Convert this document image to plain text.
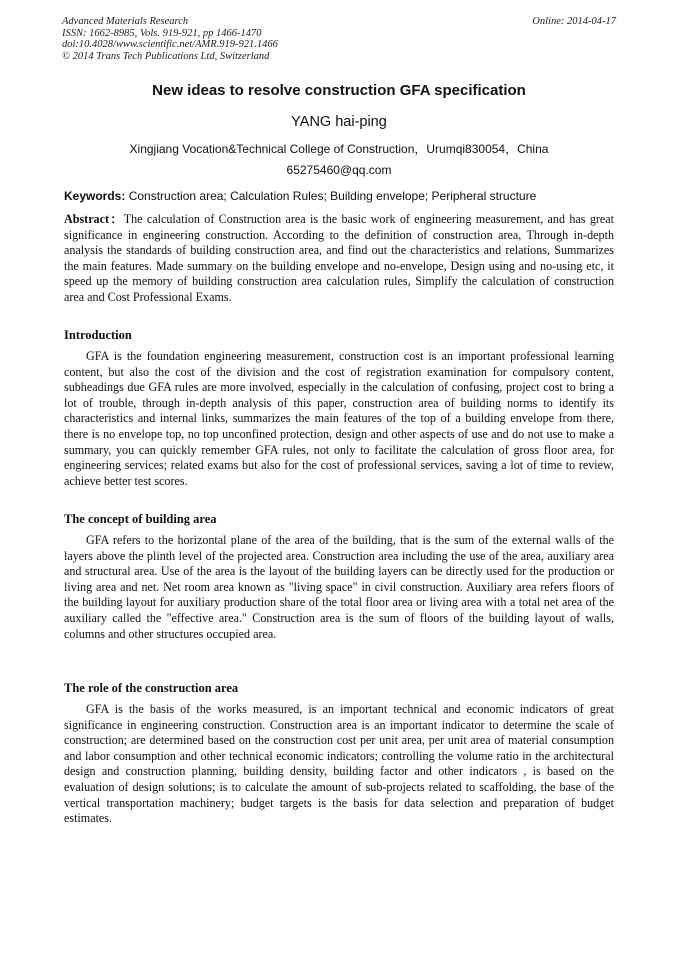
Advanced Materials Research
ISSN: 1662-8985, Vols. 919-921, pp 1466-1470
doi:10.4028/www.scientific.net/AMR.919-921.1466
© 2014 Trans Tech Publications Ltd, Switzerland
Online: 2014-04-17
New ideas to resolve construction GFA specification
YANG hai-ping
Xingjiang Vocation&Technical College of Construction，Urumqi830054，China
65275460@qq.com
Keywords: Construction area; Calculation Rules; Building envelope; Peripheral structure

Abstract：The calculation of Construction area is the basic work of engineering measurement, and has great significance in engineering construction. According to the definition of construction area, Through in-depth analysis the standards of building construction area, and find out the characteristics and relations, Summarizes the main features. Made summary on the building envelope and no-envelope, Design using and no-using etc, it speed up the memory of building construction area calculation rules, Simplify the calculation of construction area and Cost Professional Exams.

Introduction

GFA is the foundation engineering measurement, construction cost is an important professional learning content, but also the cost of the division and the cost of registration examination for compulsory content, subheadings due GFA rules are more involved, especially in the calculation of confusing, project cost to bring a lot of trouble, through in-depth analysis of this paper, construction area of building norms to identify its characteristics and internal links, summarizes the main features of the top of a building envelope from there, there is no envelope top, no top unconfined protection, design and other aspects of use and do not use to make a summary, you can quickly remember GFA rules, not only to facilitate the calculation of gross floor area, for engineering services; related exams but also for the cost of professional services, saving a lot of time to review, achieve better test scores.

The concept of building area

GFA refers to the horizontal plane of the area of the building, that is the sum of the external walls of the layers above the plinth level of the projected area. Construction area including the use of the area, auxiliary area and structural area. Use of the area is the layout of the building layers can be directly used for the production or living area and net. Net room area known as "living space" in civil construction. Auxiliary area refers floors of the building layout for auxiliary production share of the total floor area or living area with a total net area of the auxiliary called the "effective area." Construction area is the sum of floors of the building layout of walls, columns and other structures occupied area.

The role of the construction area

GFA is the basis of the works measured, is an important technical and economic indicators of great significance in engineering construction. Construction area is an important indicator to determine the scale of construction; are determined based on the construction cost per unit area, per unit area of material consumption and labor consumption and other technical economic indicators; controlling the volume ratio in the architectural design and construction planning, building density, building factor and other indicators , is based on the evaluation of design solutions; is to calculate the amount of sub-projects related to scaffolding, the base of the vertical transportation machinery; budget targets is the basis for data selection and preparation of budget estimates.
